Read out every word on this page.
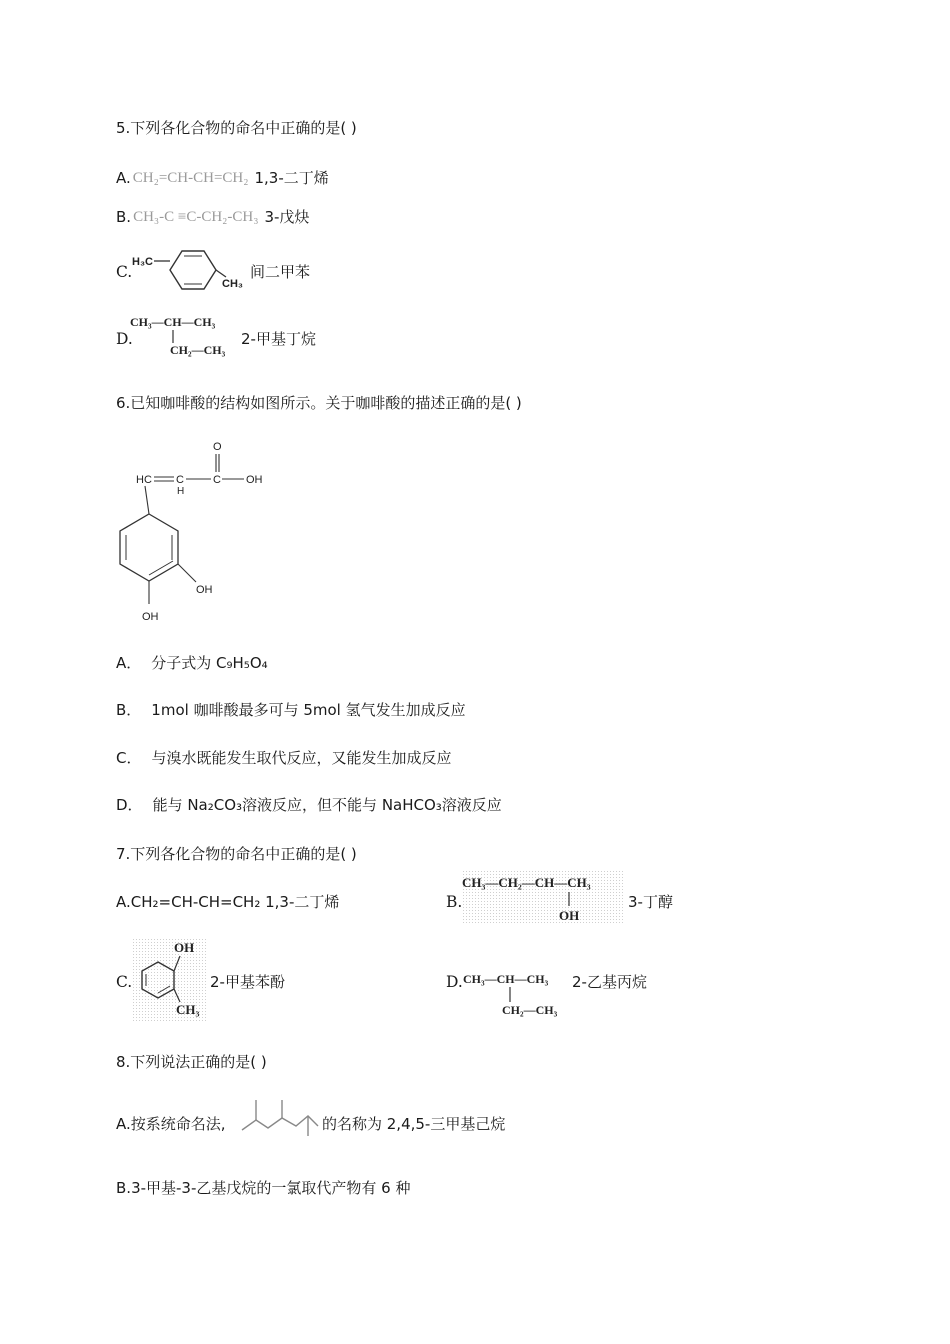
5.下列各化合物的命名中正确的是( )
A. CH₂=CH-CH=CH₂ 1,3-二丁烯
B. CH₃-C ≡C-CH₂-CH₃ 3-戊炔
C.
H₃C
CH₃
间二甲苯
D.
CH₃—CH—CH₃
CH₂—CH₃
2-甲基丁烷
6.已知咖啡酸的结构如图所示。关于咖啡酸的描述正确的是( )
O
HC C
H
C OH
OH
OH
A． 分子式为 C₉H₅O₄
B． 1mol 咖啡酸最多可与 5mol 氢气发生加成反应
C． 与溴水既能发生取代反应，又能发生加成反应
D． 能与 Na₂CO₃溶液反应，但不能与 NaHCO₃溶液反应
7.下列各化合物的命名中正确的是( )
A. CH₂=CH-CH=CH₂ 1,3-二丁烯	B.
CH₃—CH₂—CH—CH₃
OH
3-丁醇
C.
OH
CH₃
2-甲基苯酚	D. CH₃—CH—CH₃
CH₂—CH₃
2-乙基丙烷
8.下列说法正确的是( )
A. 按系统命名法,	的名称为 2,4,5-三甲基己烷
B. 3-甲基-3-乙基戊烷的一氯取代产物有 6 种
